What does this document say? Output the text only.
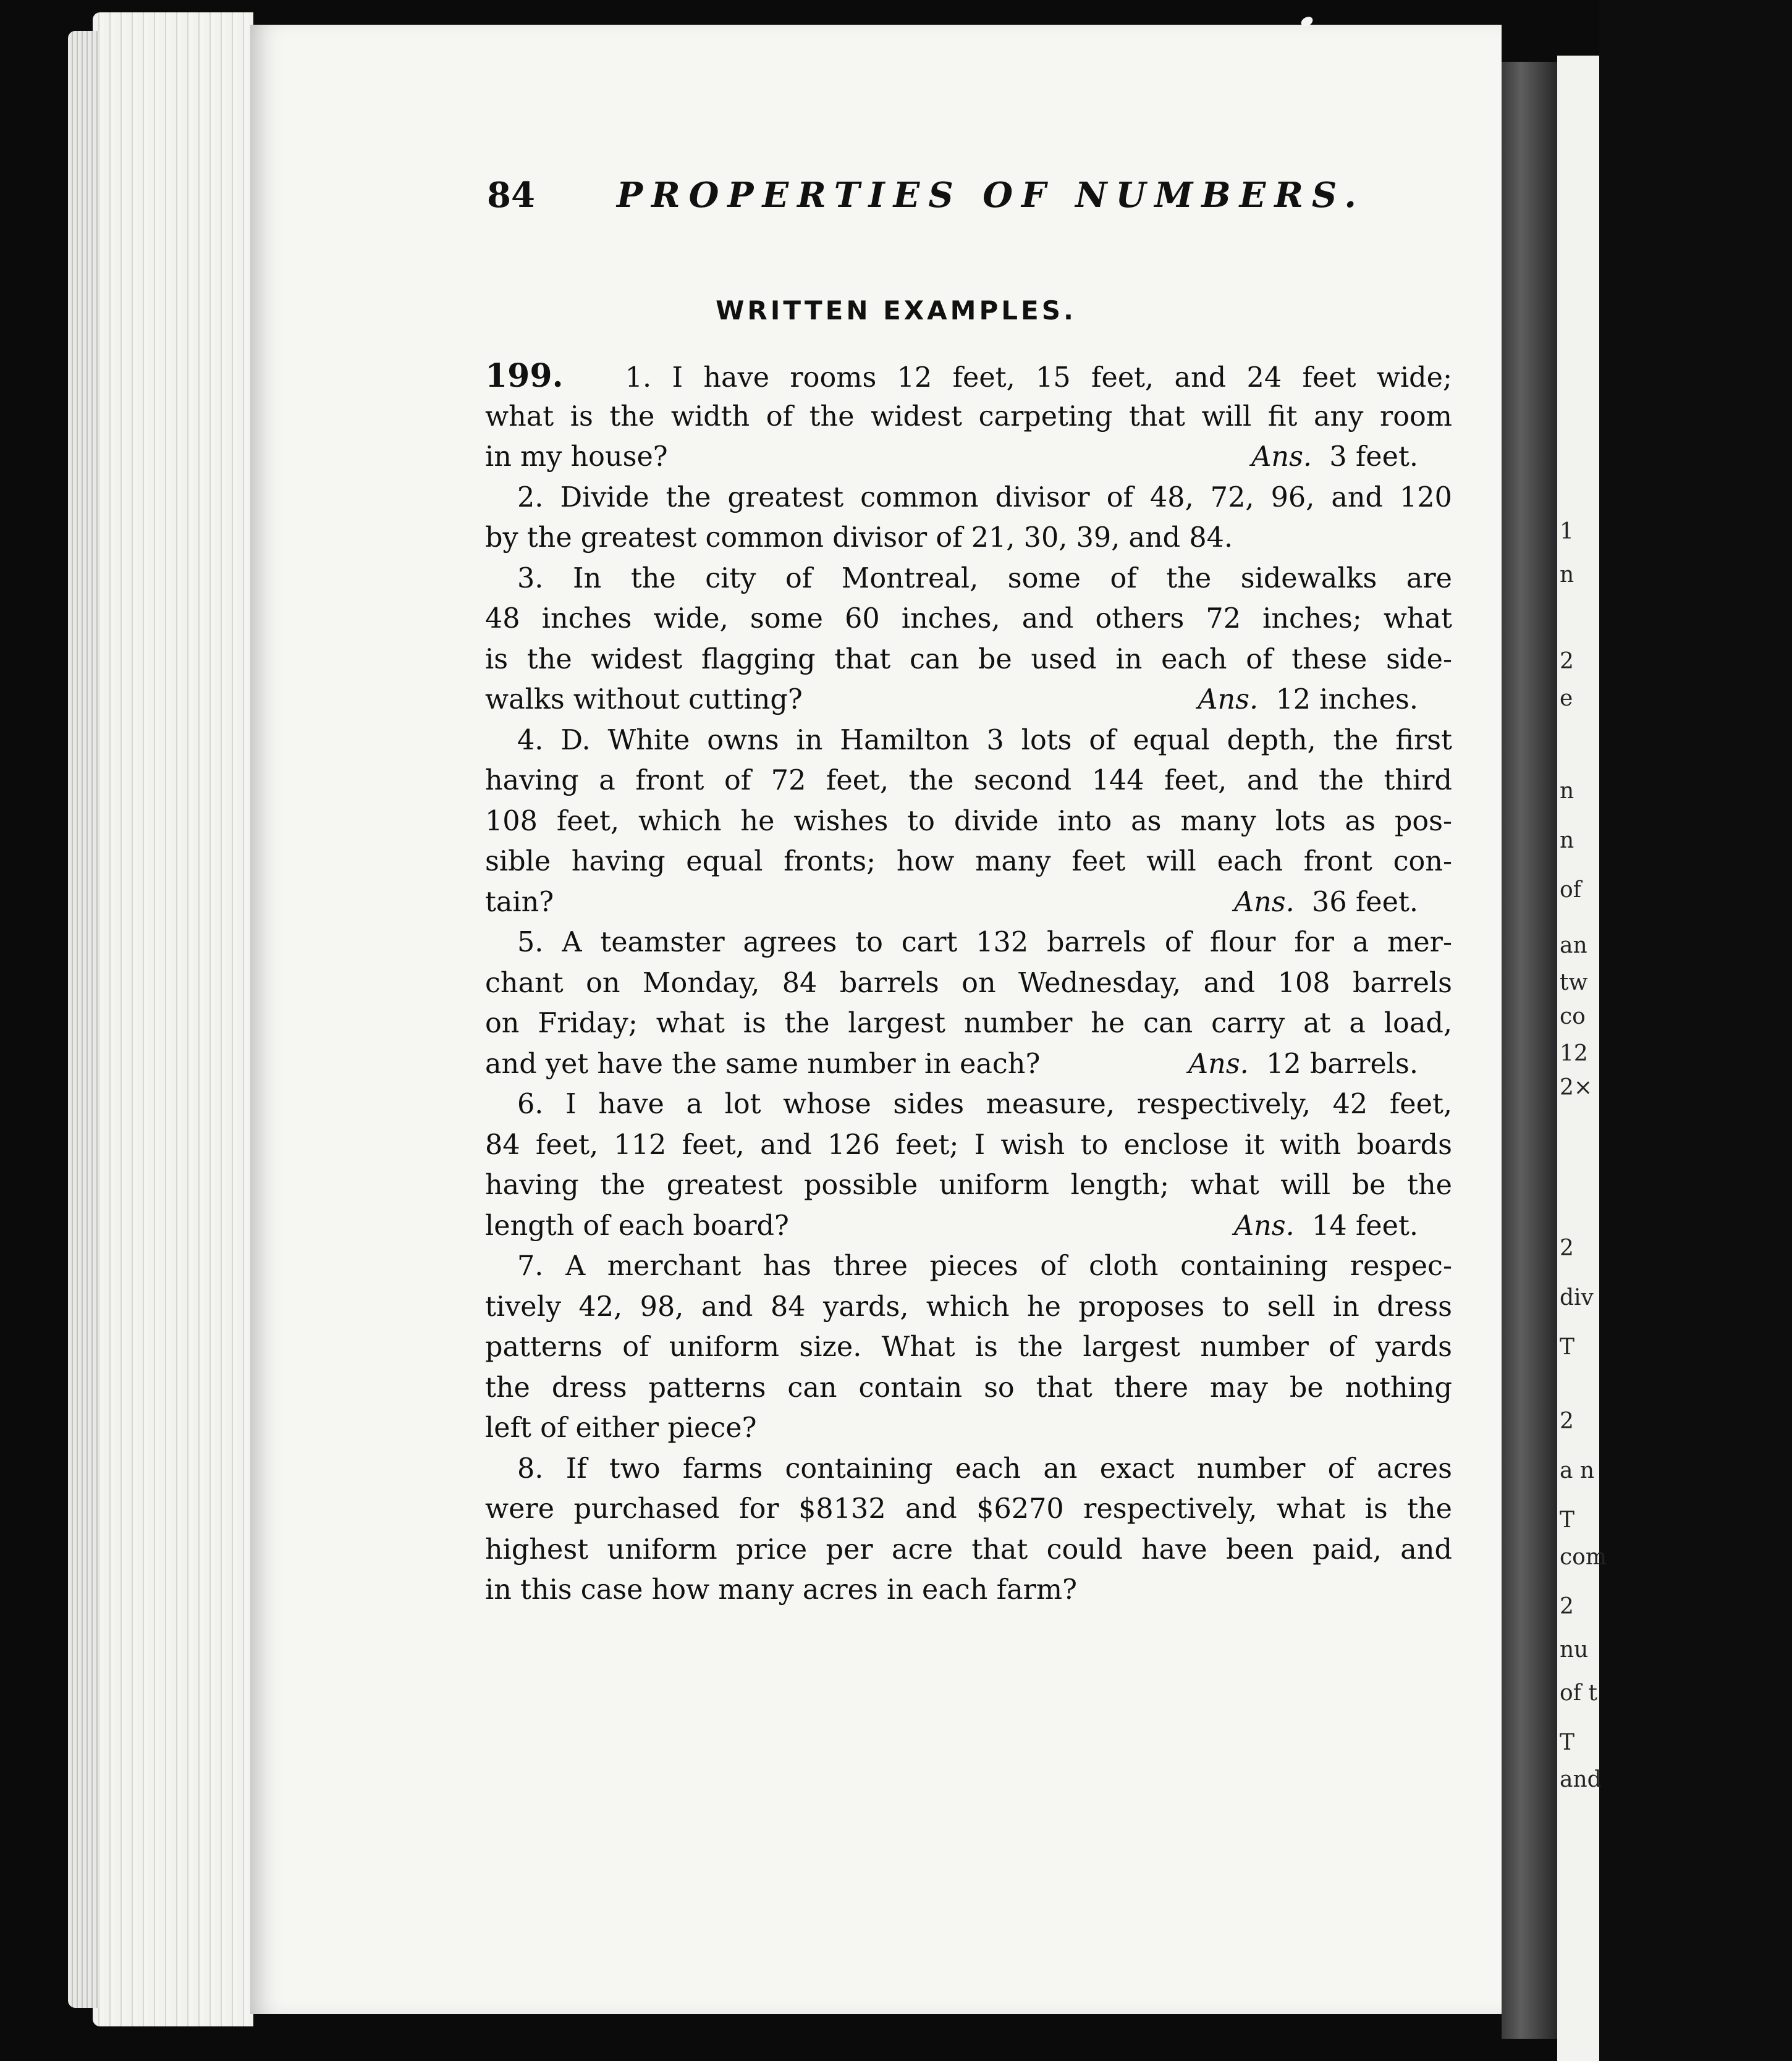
1
n
2
e
n
n
of
an
tw
co
12
2×
2
div
T
2
a n
T
com
2
nu
of t
T
and
84 PROPERTIES OF NUMBERS.
WRITTEN EXAMPLES.
199. 1. I have rooms 12 feet, 15 feet, and 24 feet wide;
what is the width of the widest carpeting that will fit any room
in my house?	Ans. 3 feet.
2. Divide the greatest common divisor of 48, 72, 96, and 120
by the greatest common divisor of 21, 30, 39, and 84.
3. In the city of Montreal, some of the sidewalks are
48 inches wide, some 60 inches, and others 72 inches; what
is the widest flagging that can be used in each of these side-
walks without cutting?	Ans. 12 inches.
4. D. White owns in Hamilton 3 lots of equal depth, the first
having a front of 72 feet, the second 144 feet, and the third
108 feet, which he wishes to divide into as many lots as pos-
sible having equal fronts; how many feet will each front con-
tain?	Ans. 36 feet.
5. A teamster agrees to cart 132 barrels of flour for a mer-
chant on Monday, 84 barrels on Wednesday, and 108 barrels
on Friday; what is the largest number he can carry at a load,
and yet have the same number in each?	Ans. 12 barrels.
6. I have a lot whose sides measure, respectively, 42 feet,
84 feet, 112 feet, and 126 feet; I wish to enclose it with boards
having the greatest possible uniform length; what will be the
length of each board?	Ans. 14 feet.
7. A merchant has three pieces of cloth containing respec-
tively 42, 98, and 84 yards, which he proposes to sell in dress
patterns of uniform size. What is the largest number of yards
the dress patterns can contain so that there may be nothing
left of either piece?
8. If two farms containing each an exact number of acres
were purchased for $8132 and $6270 respectively, what is the
highest uniform price per acre that could have been paid, and
in this case how many acres in each farm?
